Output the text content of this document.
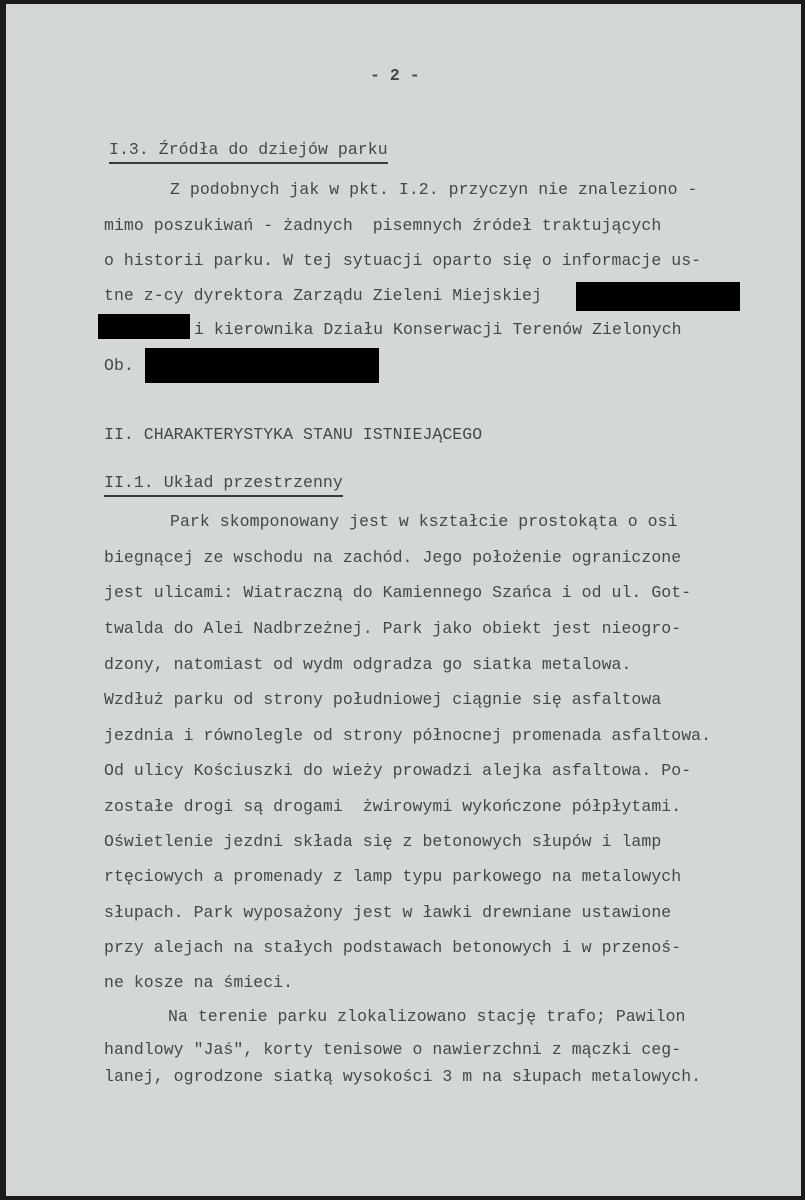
- 2 -
I.3. Źródła do dziejów parku
Z podobnych jak w pkt. I.2. przyczyn nie znaleziono -
mimo poszukiwań - żadnych  pisemnych źródeł traktujących
o historii parku. W tej sytuacji oparto się o informacje us-
tne z-cy dyrektora Zarządu Zieleni Miejskiej
i kierownika Działu Konserwacji Terenów Zielonych
Ob.
II. CHARAKTERYSTYKA STANU ISTNIEJĄCEGO
II.1. Układ przestrzenny
Park skomponowany jest w kształcie prostokąta o osi
biegnącej ze wschodu na zachód. Jego położenie ograniczone
jest ulicami: Wiatraczną do Kamiennego Szańca i od ul. Got-
twalda do Alei Nadbrzeżnej. Park jako obiekt jest nieogro-
dzony, natomiast od wydm odgradza go siatka metalowa.
Wzdłuż parku od strony południowej ciągnie się asfaltowa
jezdnia i równolegle od strony północnej promenada asfaltowa.
Od ulicy Kościuszki do wieży prowadzi alejka asfaltowa. Po-
zostałe drogi są drogami  żwirowymi wykończone półpłytami.
Oświetlenie jezdni składa się z betonowych słupów i lamp
rtęciowych a promenady z lamp typu parkowego na metalowych
słupach. Park wyposażony jest w ławki drewniane ustawione
przy alejach na stałych podstawach betonowych i w przenoś-
ne kosze na śmieci.
Na terenie parku zlokalizowano stację trafo; Pawilon
handlowy "Jaś", korty tenisowe o nawierzchni z mączki ceg-
lanej, ogrodzone siatką wysokości 3 m na słupach metalowych.
